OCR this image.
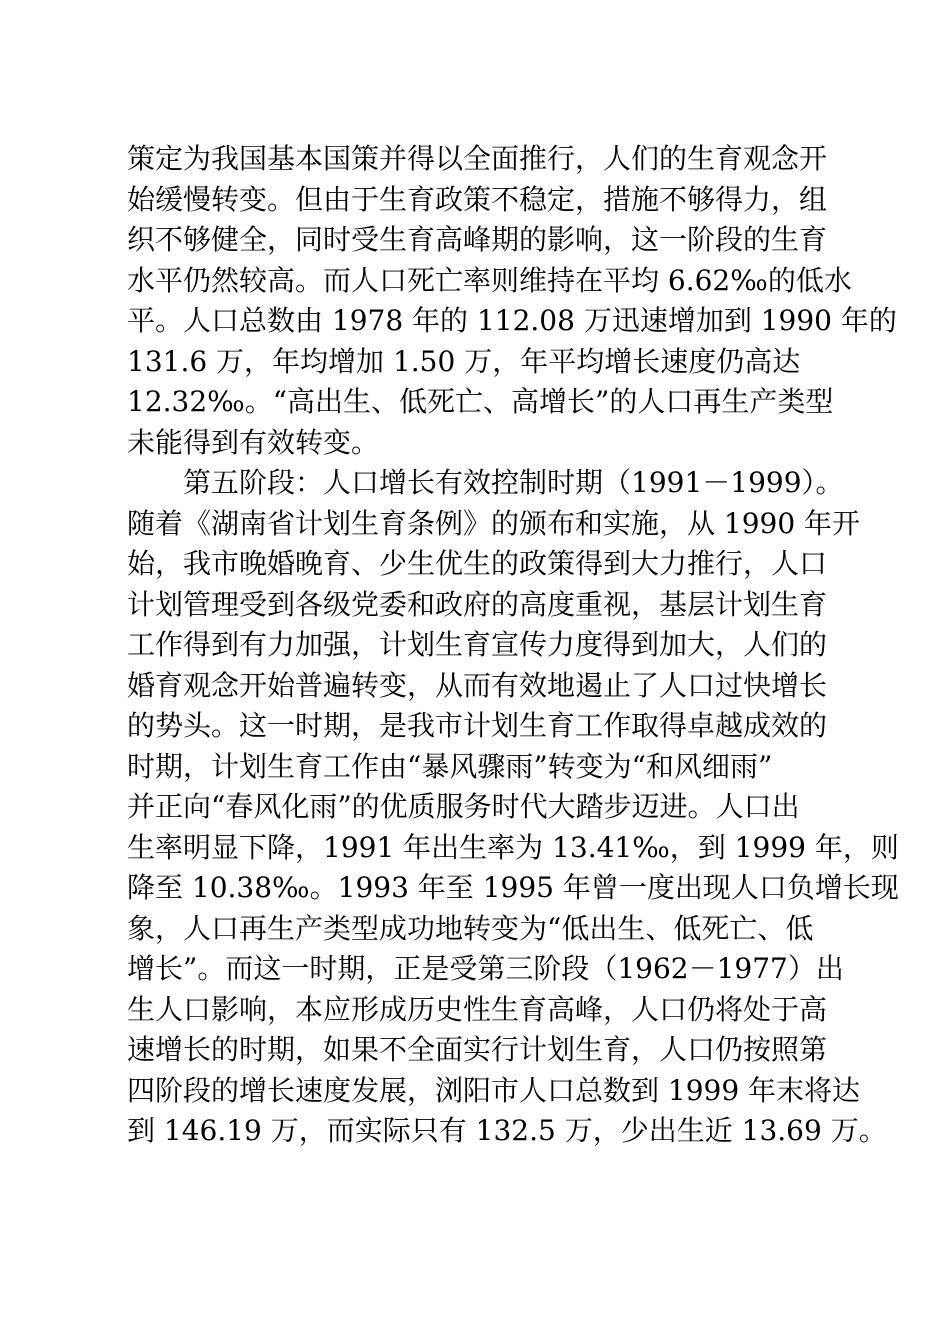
策定为我国基本国策并得以全面推行，人们的生育观念开
始缓慢转变。但由于生育政策不稳定，措施不够得力，组
织不够健全，同时受生育高峰期的影响，这一阶段的生育
水平仍然较高。而人口死亡率则维持在平均 6.62‰的低水
平。人口总数由 1978 年的 112.08 万迅速增加到 1990 年的
131.6 万，年均增加 1.50 万，年平均增长速度仍高达
12.32‰。“高出生、低死亡、高增长”的人口再生产类型
未能得到有效转变。
　　第五阶段：人口增长有效控制时期（1991－1999）。
随着《湖南省计划生育条例》的颁布和实施，从 1990 年开
始，我市晚婚晚育、少生优生的政策得到大力推行，人口
计划管理受到各级党委和政府的高度重视，基层计划生育
工作得到有力加强，计划生育宣传力度得到加大，人们的
婚育观念开始普遍转变，从而有效地遏止了人口过快增长
的势头。这一时期，是我市计划生育工作取得卓越成效的
时期，计划生育工作由“暴风骤雨”转变为“和风细雨”
并正向“春风化雨”的优质服务时代大踏步迈进。人口出
生率明显下降，1991 年出生率为 13.41‰，到 1999 年，则
降至 10.38‰。1993 年至 1995 年曾一度出现人口负增长现
象，人口再生产类型成功地转变为“低出生、低死亡、低
增长”。而这一时期，正是受第三阶段（1962－1977）出
生人口影响，本应形成历史性生育高峰，人口仍将处于高
速增长的时期，如果不全面实行计划生育，人口仍按照第
四阶段的增长速度发展，浏阳市人口总数到 1999 年末将达
到 146.19 万，而实际只有 132.5 万，少出生近 13.69 万。
